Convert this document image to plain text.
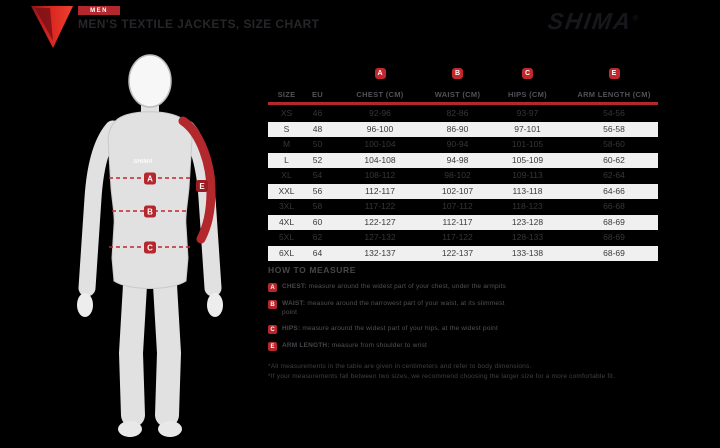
MEN
MEN'S TEXTILE JACKETS, SIZE CHART	SHIMA®
SHIMA
A
B
C
E
A	B	C	E
SIZE	EU	CHEST (CM)	WAIST (CM)	HIPS (CM)	ARM LENGTH (CM)
XS	46	92-96	82-86	93-97	54-56
S	48	96-100	86-90	97-101	56-58
M	50	100-104	90-94	101-105	58-60
L	52	104-108	94-98	105-109	60-62
XL	54	108-112	98-102	109-113	62-64
XXL	56	112-117	102-107	113-118	64-66
3XL	58	117-122	107-112	118-123	66-68
4XL	60	122-127	112-117	123-128	68-69
5XL	62	127-132	117-122	128-133	68-69
6XL	64	132-137	122-137	133-138	68-69
HOW TO MEASURE
A	CHEST: measure around the widest part of your chest, under the armpits
B	WAIST: measure around the narrowest part of your waist, at its slimmest point
C	HIPS: measure around the widest part of your hips, at the widest point
E	ARM LENGTH: measure from shoulder to wrist
*All measurements in the table are given in centimeters and refer to body dimensions.
*If your measurements fall between two sizes, we recommend choosing the larger size for a more comfortable fit.
